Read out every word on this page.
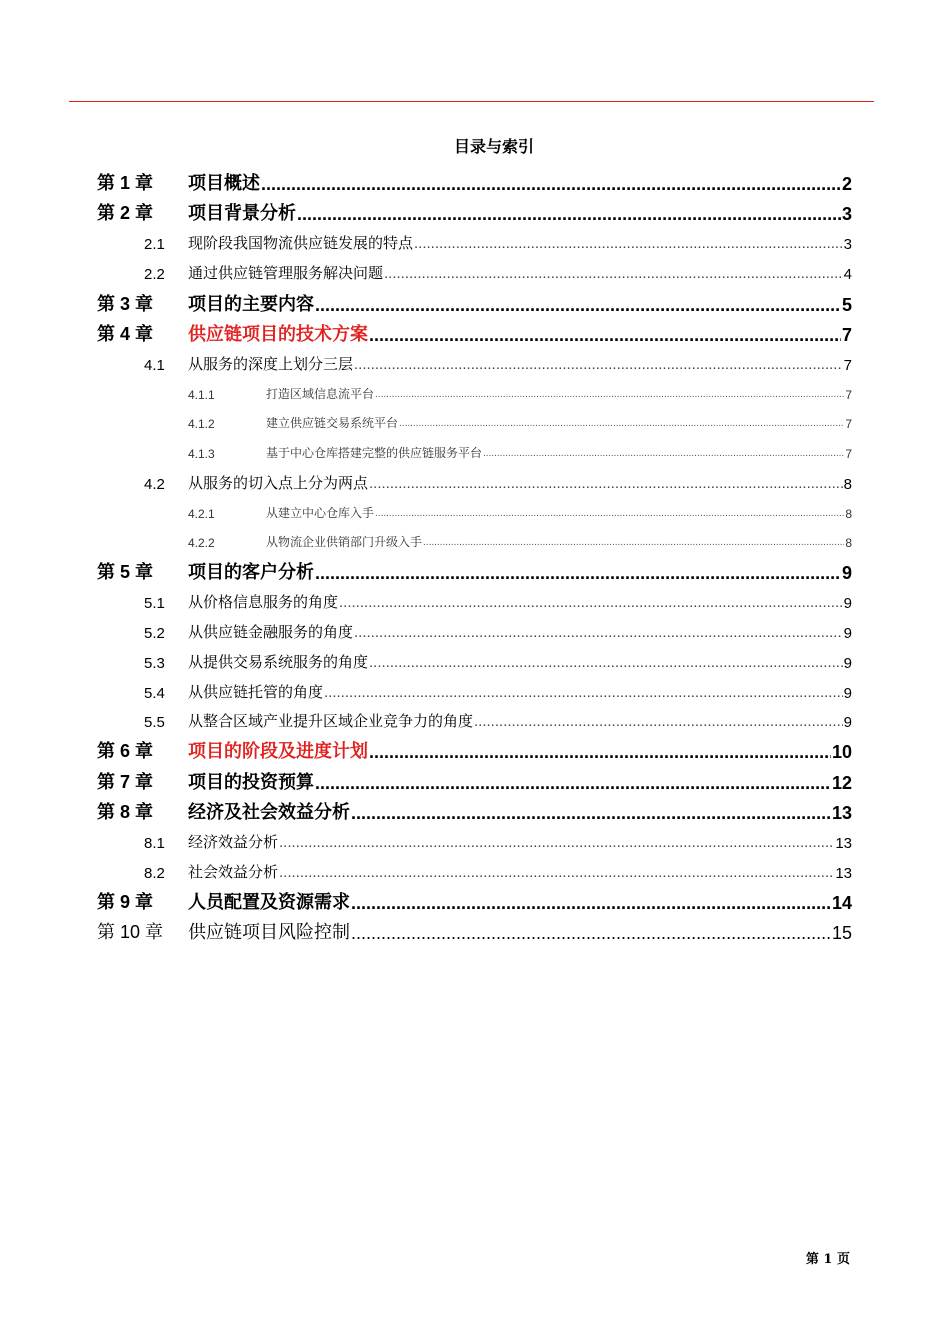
目录与索引
第 1 章	项目概述 .....	2
第 2 章	项目背景分析 .....	3
2.1	现阶段我国物流供应链发展的特点 .....	3
2.2	通过供应链管理服务解决问题 .....	4
第 3 章	项目的主要内容 .....	5
第 4 章	供应链项目的技术方案 .....	7
4.1	从服务的深度上划分三层 .....	7
4.1.1	打造区域信息流平台 .....	7
4.1.2	建立供应链交易系统平台 .....	7
4.1.3	基于中心仓库搭建完整的供应链服务平台 .....	7
4.2	从服务的切入点上分为两点 .....	8
4.2.1	从建立中心仓库入手 .....	8
4.2.2	从物流企业供销部门升级入手 .....	8
第 5 章	项目的客户分析 .....	9
5.1	从价格信息服务的角度 .....	9
5.2	从供应链金融服务的角度 .....	9
5.3	从提供交易系统服务的角度 .....	9
5.4	从供应链托管的角度 .....	9
5.5	从整合区域产业提升区域企业竞争力的角度 .....	9
第 6 章	项目的阶段及进度计划 .....	10
第 7 章	项目的投资预算 .....	12
第 8 章	经济及社会效益分析 .....	13
8.1	经济效益分析 .....	13
8.2	社会效益分析 .....	13
第 9 章	人员配置及资源需求 .....	14
第 10 章	供应链项目风险控制 .....	15
第 1 页
